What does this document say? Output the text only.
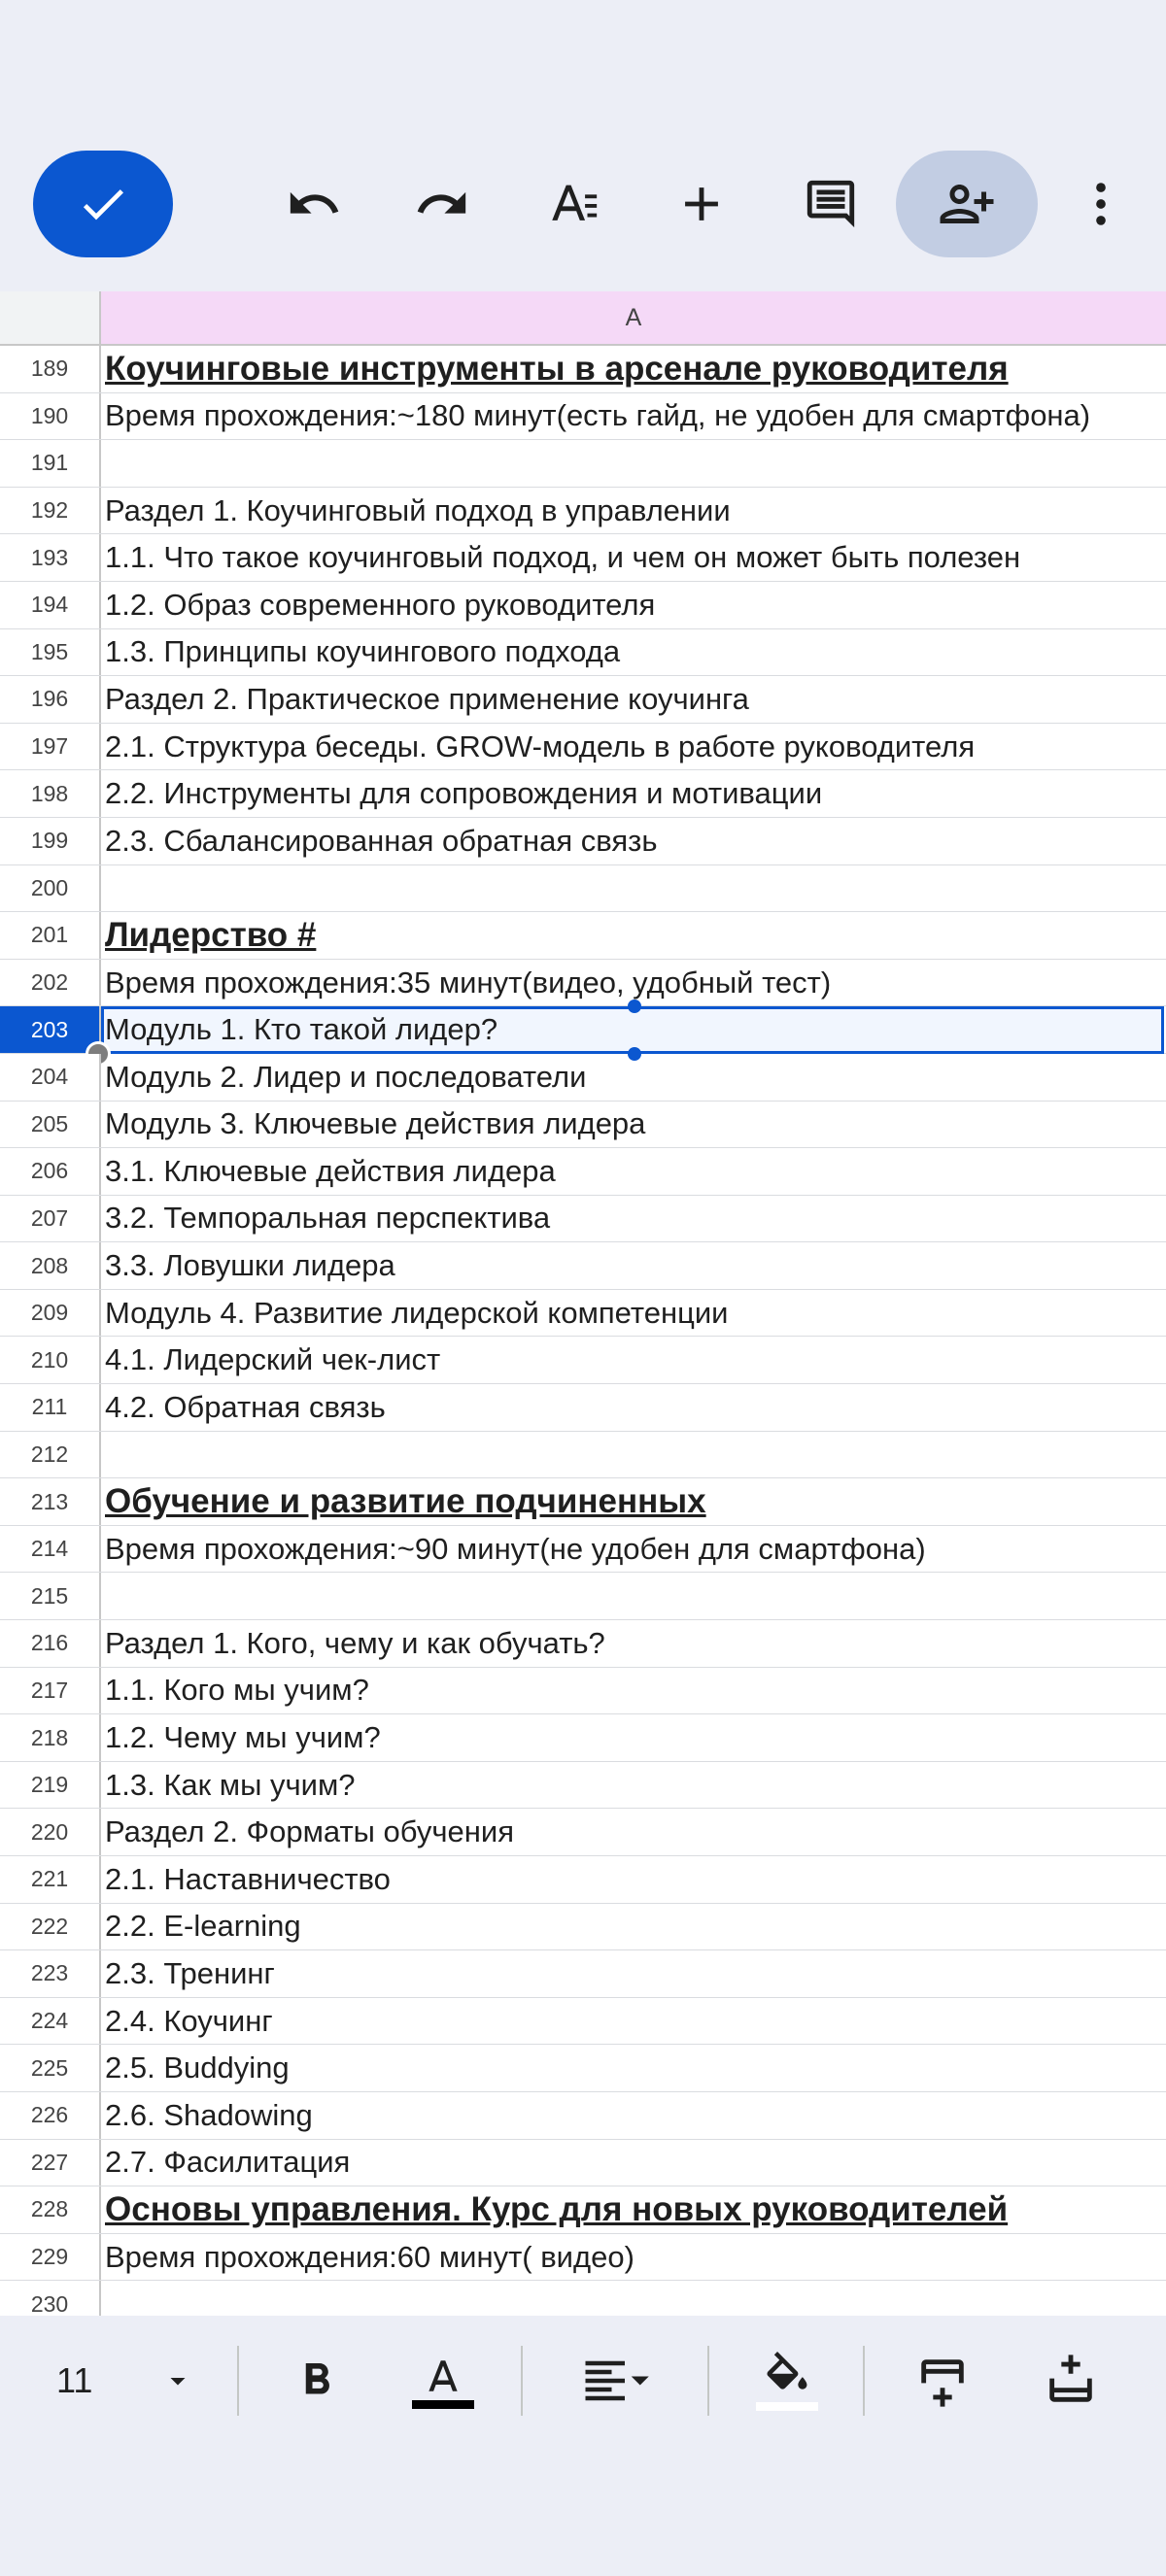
A
189	Коучинговые инструменты в арсенале руководителя
190	Время прохождения:~180 минут(есть гайд, не удобен для смартфона)
191
192	Раздел 1. Коучинговый подход в управлении
193	1.1. Что такое коучинговый подход, и чем он может быть полезен
194	1.2. Образ современного руководителя
195	1.3. Принципы коучингового подхода
196	Раздел 2. Практическое применение коучинга
197	2.1. Структура беседы. GROW-модель в работе руководителя
198	2.2. Инструменты для сопровождения и мотивации
199	2.3. Сбалансированная обратная связь
200
201	Лидерство #
202	Время прохождения:35 минут(видео, удобный тест)
203	Модуль 1. Кто такой лидер?
204	Модуль 2. Лидер и последователи
205	Модуль 3. Ключевые действия лидера
206	3.1. Ключевые действия лидера
207	3.2. Темпоральная перспектива
208	3.3. Ловушки лидера
209	Модуль 4. Развитие лидерской компетенции
210	4.1. Лидерский чек-лист
211	4.2. Обратная связь
212
213	Обучение и развитие подчиненных
214	Время прохождения:~90 минут(не удобен для смартфона)
215
216	Раздел 1. Кого, чему и как обучать?
217	1.1. Кого мы учим?
218	1.2. Чему мы учим?
219	1.3. Как мы учим?
220	Раздел 2. Форматы обучения
221	2.1. Наставничество
222	2.2. E-learning
223	2.3. Тренинг
224	2.4. Коучинг
225	2.5. Buddying
226	2.6. Shadowing
227	2.7. Фасилитация
228	Основы управления. Курс для новых руководителей
229	Время прохождения:60 минут( видео)
230
11
